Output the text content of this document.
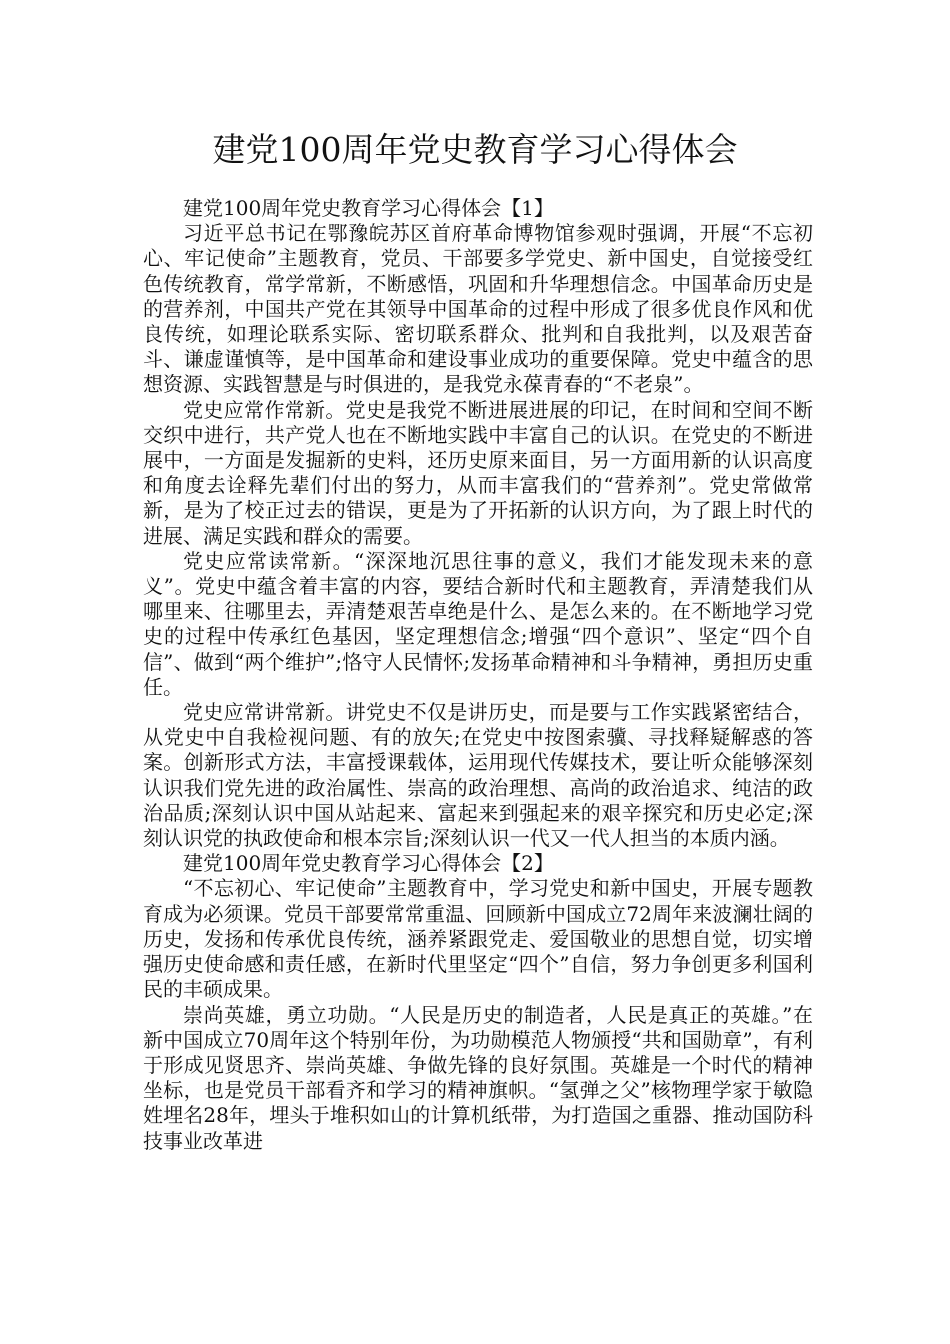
建党100周年党史教育学习心得体会

建党100周年党史教育学习心得体会【1】

习近平总书记在鄂豫皖苏区首府革命博物馆参观时强调，开展“不忘初心、牢记使命”主题教育，党员、干部要多学党史、新中国史，自觉接受红色传统教育，常学常新，不断感悟，巩固和升华理想信念。中国革命历史是的营养剂，中国共产党在其领导中国革命的过程中形成了很多优良作风和优良传统，如理论联系实际、密切联系群众、批判和自我批判，以及艰苦奋斗、谦虚谨慎等，是中国革命和建设事业成功的重要保障。党史中蕴含的思想资源、实践智慧是与时俱进的，是我党永葆青春的“不老泉”。

党史应常作常新。党史是我党不断进展进展的印记，在时间和空间不断交织中进行，共产党人也在不断地实践中丰富自己的认识。在党史的不断进展中，一方面是发掘新的史料，还历史原来面目，另一方面用新的认识高度和角度去诠释先辈们付出的努力，从而丰富我们的“营养剂”。党史常做常新，是为了校正过去的错误，更是为了开拓新的认识方向，为了跟上时代的进展、满足实践和群众的需要。

党史应常读常新。“深深地沉思往事的意义，我们才能发现未来的意义”。党史中蕴含着丰富的内容，要结合新时代和主题教育，弄清楚我们从哪里来、往哪里去，弄清楚艰苦卓绝是什么、是怎么来的。在不断地学习党史的过程中传承红色基因，坚定理想信念;增强“四个意识”、坚定“四个自信”、做到“两个维护”;恪守人民情怀;发扬革命精神和斗争精神，勇担历史重任。

党史应常讲常新。讲党史不仅是讲历史，而是要与工作实践紧密结合，从党史中自我检视问题、有的放矢;在党史中按图索骥、寻找释疑解惑的答案。创新形式方法，丰富授课载体，运用现代传媒技术，要让听众能够深刻认识我们党先进的政治属性、崇高的政治理想、高尚的政治追求、纯洁的政治品质;深刻认识中国从站起来、富起来到强起来的艰辛探究和历史必定;深刻认识党的执政使命和根本宗旨;深刻认识一代又一代人担当的本质内涵。

建党100周年党史教育学习心得体会【2】

“不忘初心、牢记使命”主题教育中，学习党史和新中国史，开展专题教育成为必须课。党员干部要常常重温、回顾新中国成立72周年来波澜壮阔的历史，发扬和传承优良传统，涵养紧跟党走、爱国敬业的思想自觉，切实增强历史使命感和责任感，在新时代里坚定“四个”自信，努力争创更多利国利民的丰硕成果。

崇尚英雄，勇立功勋。“人民是历史的制造者，人民是真正的英雄。”在新中国成立70周年这个特别年份，为功勋模范人物颁授“共和国勋章”，有利于形成见贤思齐、崇尚英雄、争做先锋的良好氛围。英雄是一个时代的精神坐标，也是党员干部看齐和学习的精神旗帜。“氢弹之父”核物理学家于敏隐姓埋名28年，埋头于堆积如山的计算机纸带，为打造国之重器、推动国防科技事业改革进
